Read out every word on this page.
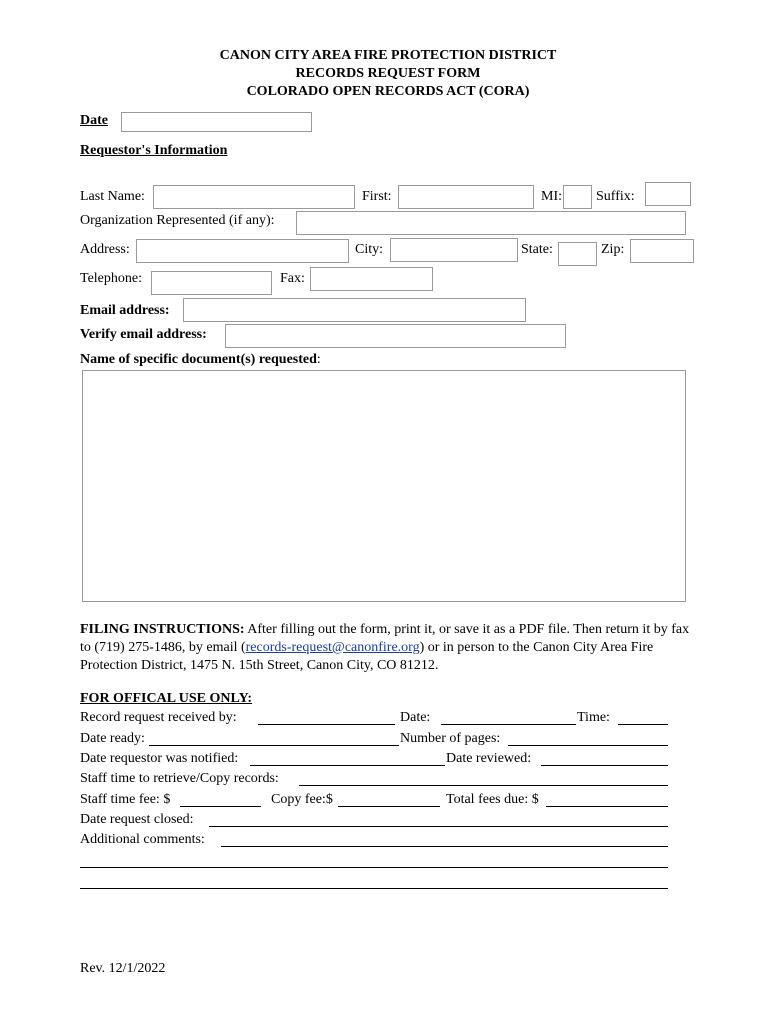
CANON CITY AREA FIRE PROTECTION DISTRICT
RECORDS REQUEST FORM
COLORADO OPEN RECORDS ACT (CORA)
Date
Requestor's Information
Last Name:	First:	MI: Suffix:
Organization Represented (if any):
Address:	City:	State:	Zip:
Telephone:	Fax:
Email address:
Verify email address:
Name of specific document(s) requested:
FILING INSTRUCTIONS: After filling out the form, print it, or save it as a PDF file. Then return it by fax to (719) 275-1486, by email (records-request@canonfire.org) or in person to the Canon City Area Fire Protection District, 1475 N. 15th Street, Canon City, CO 81212.
FOR OFFICAL USE ONLY:
Record request received by:	Date:	Time:
Date ready:	Number of pages:
Date requestor was notified:	Date reviewed:
Staff time to retrieve/Copy records:
Staff time fee: $	Copy fee:$	Total fees due: $
Date request closed:
Additional comments:
Rev. 12/1/2022
